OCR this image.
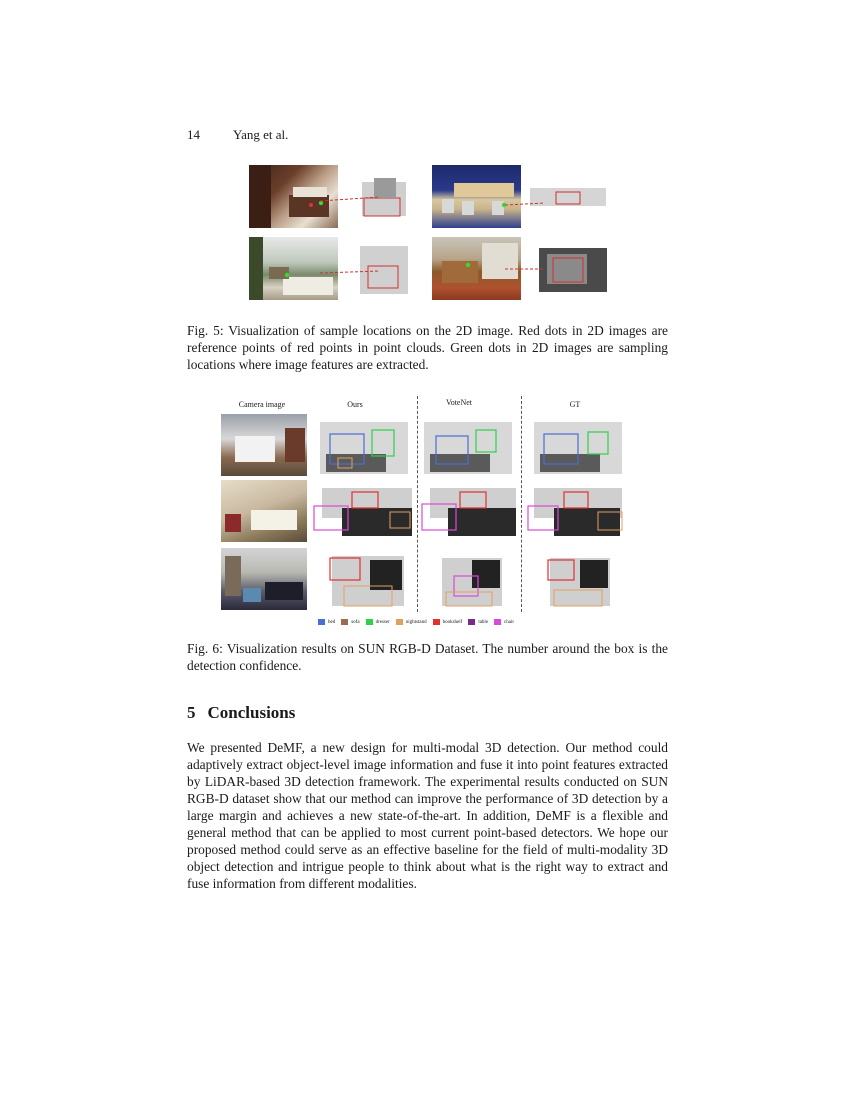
14	Yang et al.
Fig. 5: Visualization of sample locations on the 2D image. Red dots in 2D images are reference points of red points in point clouds. Green dots in 2D images are sampling locations where image features are extracted.
Camera image	Ours	VoteNet	GT
bed	sofa	dresser	nightstand	bookshelf	table	chair
Fig. 6: Visualization results on SUN RGB-D Dataset. The number around the box is the detection confidence.
5 Conclusions
We presented DeMF, a new design for multi-modal 3D detection. Our method could adaptively extract object-level image information and fuse it into point features extracted by LiDAR-based 3D detection framework. The experimental results conducted on SUN RGB-D dataset show that our method can improve the performance of 3D detection by a large margin and achieves a new state-of-the-art. In addition, DeMF is a flexible and general method that can be applied to most current point-based detectors. We hope our proposed method could serve as an effective baseline for the field of multi-modality 3D object detection and intrigue people to think about what is the right way to extract and fuse information from different modalities.
